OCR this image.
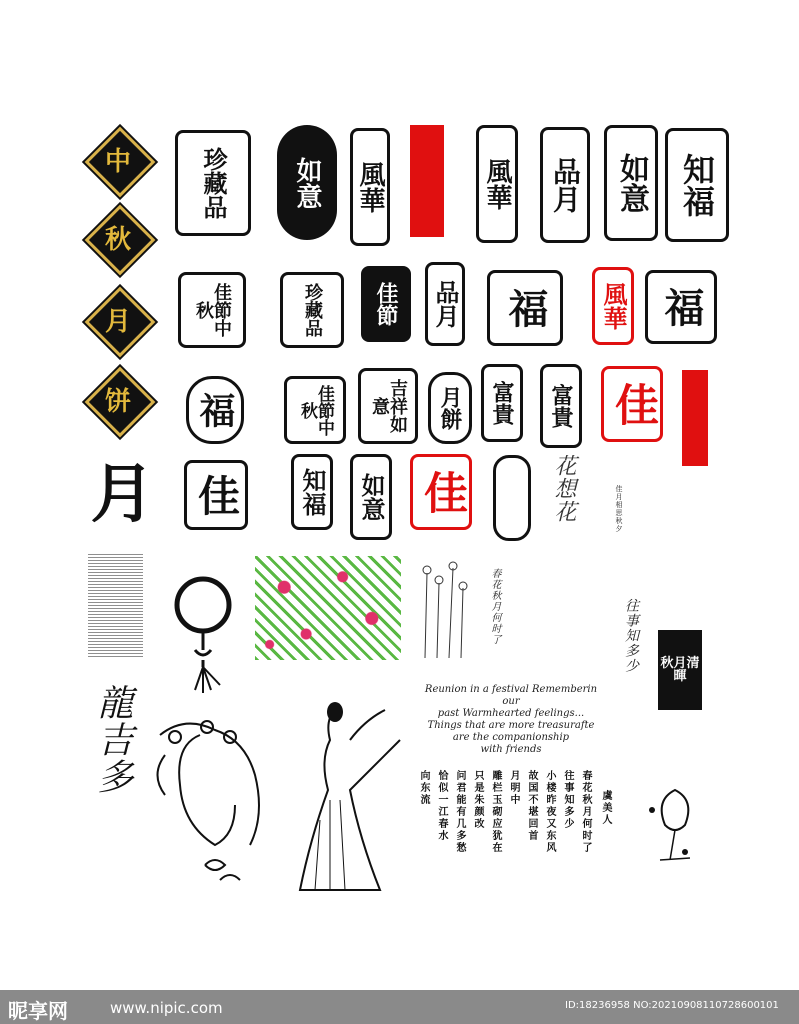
中
秋
月
饼
珍藏品	如意	風華	風華	品月	如意 知福
佳節中秋	珍藏品	佳節	品月	福	風華 福
福	佳節中秋	吉祥如意	月餅	富貴	富貴 佳
月 佳 知福 如意 佳	花想花	佳月相思秋夕
春花秋月何时了	往事知多少 秋月清暉
龍吉多	Reunion in a festival Rememberin our
past Warmhearted feelings...
Things that are more treasurafte
are the companionship
with friends
虞美人
春花秋月何时了
往事知多少
小楼昨夜又东风
故国不堪回首
月明中
雕栏玉砌应犹在
只是朱颜改
问君能有几多愁
恰似一江春水
向东流
昵享网	www.nipic.com	ID:18236958 NO:20210908110728600101
